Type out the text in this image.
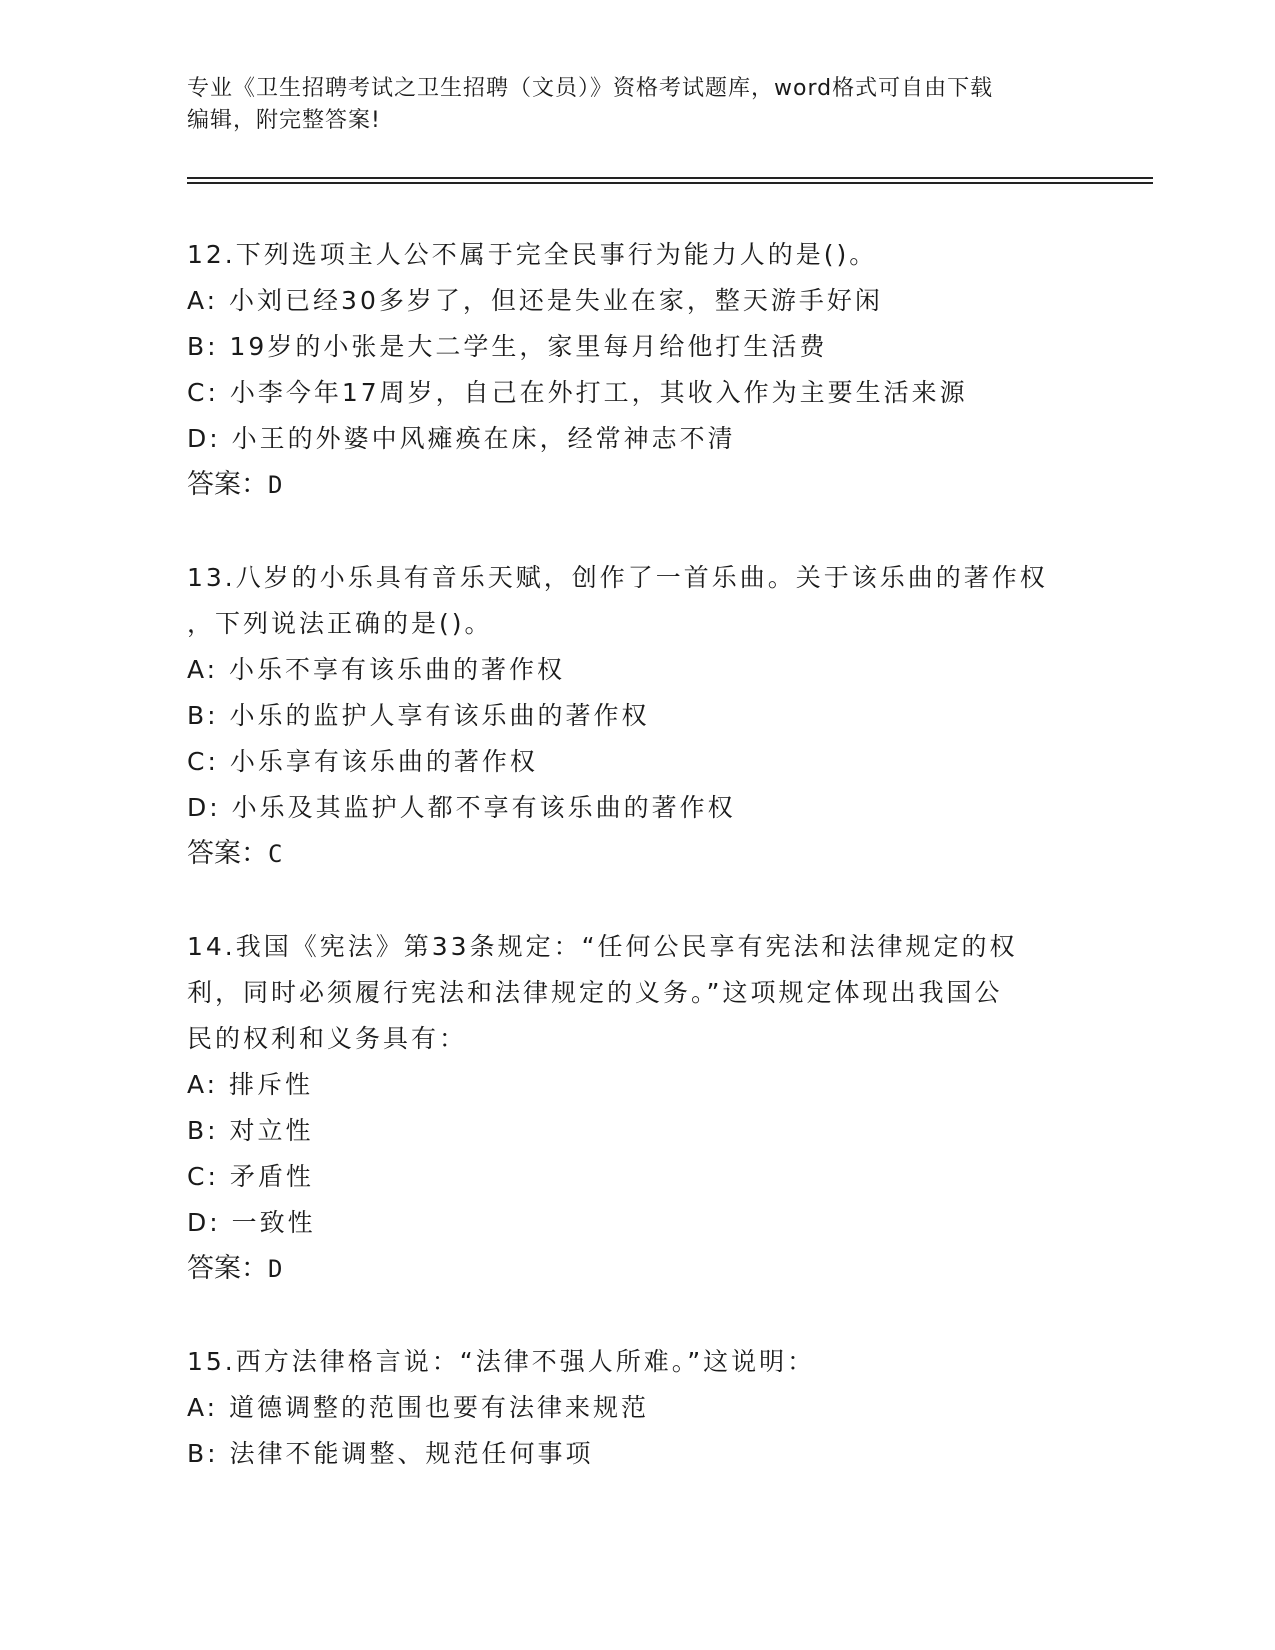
专业《卫生招聘考试之卫生招聘（文员）》资格考试题库，word格式可自由下载
编辑，附完整答案!
12.下列选项主人公不属于完全民事行为能力人的是()。
A: 小刘已经30多岁了，但还是失业在家，整天游手好闲
B: 19岁的小张是大二学生，家里每月给他打生活费
C: 小李今年17周岁，自己在外打工，其收入作为主要生活来源
D: 小王的外婆中风瘫痪在床，经常神志不清
答案：D
13.八岁的小乐具有音乐天赋，创作了一首乐曲。关于该乐曲的著作权
，下列说法正确的是()。
A: 小乐不享有该乐曲的著作权
B: 小乐的监护人享有该乐曲的著作权
C: 小乐享有该乐曲的著作权
D: 小乐及其监护人都不享有该乐曲的著作权
答案：C
14.我国《宪法》第33条规定：“任何公民享有宪法和法律规定的权
利，同时必须履行宪法和法律规定的义务。”这项规定体现出我国公
民的权利和义务具有：
A: 排斥性
B: 对立性
C: 矛盾性
D: 一致性
答案：D
15.西方法律格言说：“法律不强人所难。”这说明：
A: 道德调整的范围也要有法律来规范
B: 法律不能调整、规范任何事项
